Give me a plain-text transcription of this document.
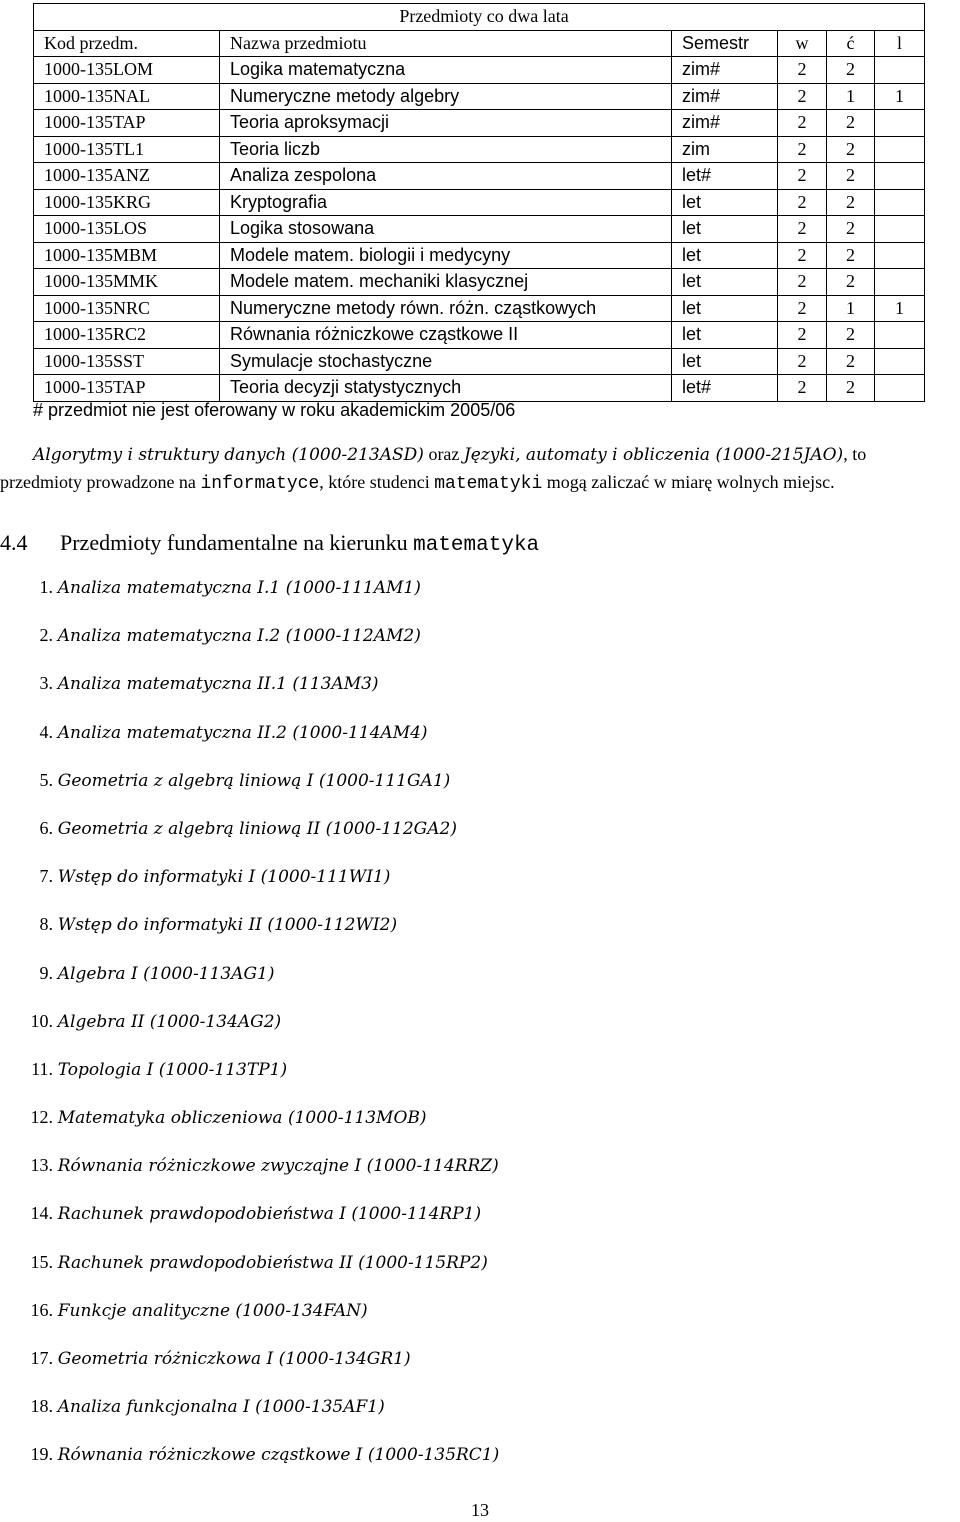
Przedmioty co dwa lata					
Kod przedm.	Nazwa przedmiotu	Semestr	w	ć	l
1000-135LOM	Logika matematyczna	zim#	2	2	
1000-135NAL	Numeryczne metody algebry	zim#	2	1	1
1000-135TAP	Teoria aproksymacji	zim#	2	2	
1000-135TL1	Teoria liczb	zim	2	2	
1000-135ANZ	Analiza zespolona	let#	2	2	
1000-135KRG	Kryptografia	let	2	2	
1000-135LOS	Logika stosowana	let	2	2	
1000-135MBM	Modele matem. biologii i medycyny	let	2	2	
1000-135MMK	Modele matem. mechaniki klasycznej	let	2	2	
1000-135NRC	Numeryczne metody równ. różn. cząstkowych	let	2	1	1
1000-135RC2	Równania różniczkowe cząstkowe II	let	2	2	
1000-135SST	Symulacje stochastyczne	let	2	2	
1000-135TAP	Teoria decyzji statystycznych	let#	2	2	
# przedmiot nie jest oferowany w roku akademickim 2005/06
Algorytmy i struktury danych (1000-213ASD) oraz Języki, automaty i obliczenia (1000-215JAO), to
przedmioty prowadzone na informatyce, które studenci matematyki mogą zaliczać w miarę wolnych miejsc.
4.4 Przedmioty fundamentalne na kierunku matematyka
1. Analiza matematyczna I.1 (1000-111AM1)
2. Analiza matematyczna I.2 (1000-112AM2)
3. Analiza matematyczna II.1 (113AM3)
4. Analiza matematyczna II.2 (1000-114AM4)
5. Geometria z algebrą liniową I (1000-111GA1)
6. Geometria z algebrą liniową II (1000-112GA2)
7. Wstęp do informatyki I (1000-111WI1)
8. Wstęp do informatyki II (1000-112WI2)
9. Algebra I (1000-113AG1)
10. Algebra II (1000-134AG2)
11. Topologia I (1000-113TP1)
12. Matematyka obliczeniowa (1000-113MOB)
13. Równania różniczkowe zwyczajne I (1000-114RRZ)
14. Rachunek prawdopodobieństwa I (1000-114RP1)
15. Rachunek prawdopodobieństwa II (1000-115RP2)
16. Funkcje analityczne (1000-134FAN)
17. Geometria różniczkowa I (1000-134GR1)
18. Analiza funkcjonalna I (1000-135AF1)
19. Równania różniczkowe cząstkowe I (1000-135RC1)
13
